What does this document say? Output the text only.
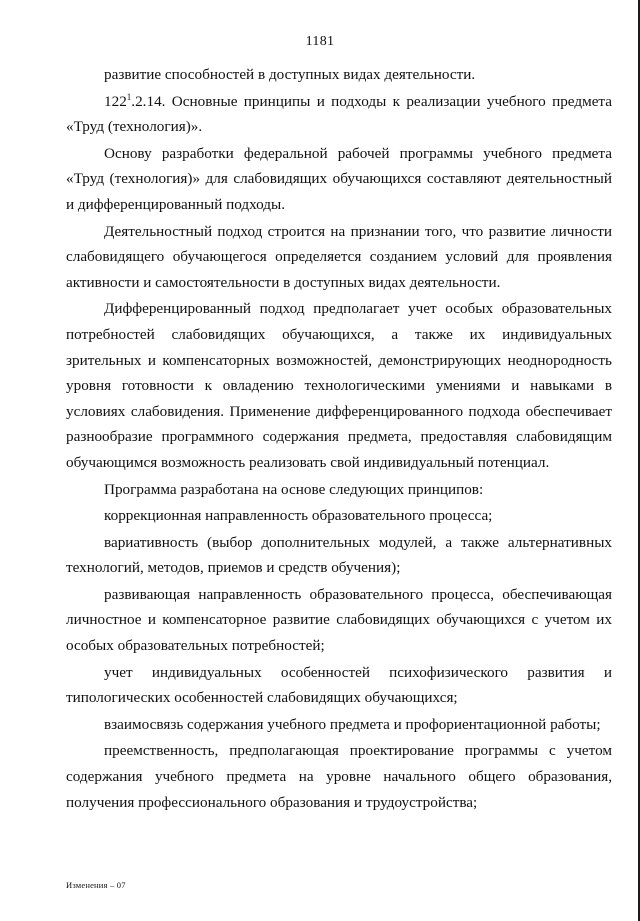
1181

развитие способностей в доступных видах деятельности.

$122^1.2.14$. Основные принципы и подходы к реализации учебного предмета «Труд (технология)».

Основу разработки федеральной рабочей программы учебного предмета «Труд (технология)» для слабовидящих обучающихся составляют деятельностный и дифференцированный подходы.

Деятельностный подход строится на признании того, что развитие личности слабовидящего обучающегося определяется созданием условий для проявления активности и самостоятельности в доступных видах деятельности.

Дифференцированный подход предполагает учет особых образовательных потребностей слабовидящих обучающихся, а также их индивидуальных зрительных и компенсаторных возможностей, демонстрирующих неоднородность уровня готовности к овладению технологическими умениями и навыками в условиях слабовидения. Применение дифференцированного подхода обеспечивает разнообразие программного содержания предмета, предоставляя слабовидящим обучающимся возможность реализовать свой индивидуальный потенциал.

Программа разработана на основе следующих принципов:

коррекционная направленность образовательного процесса;

вариативность (выбор дополнительных модулей, а также альтернативных технологий, методов, приемов и средств обучения);

развивающая направленность образовательного процесса, обеспечивающая личностное и компенсаторное развитие слабовидящих обучающихся с учетом их особых образовательных потребностей;

учет индивидуальных особенностей психофизического развития и типологических особенностей слабовидящих обучающихся;

взаимосвязь содержания учебного предмета и профориентационной работы;

преемственность, предполагающая проектирование программы с учетом содержания учебного предмета на уровне начального общего образования, получения профессионального образования и трудоустройства;

Изменения – 07
